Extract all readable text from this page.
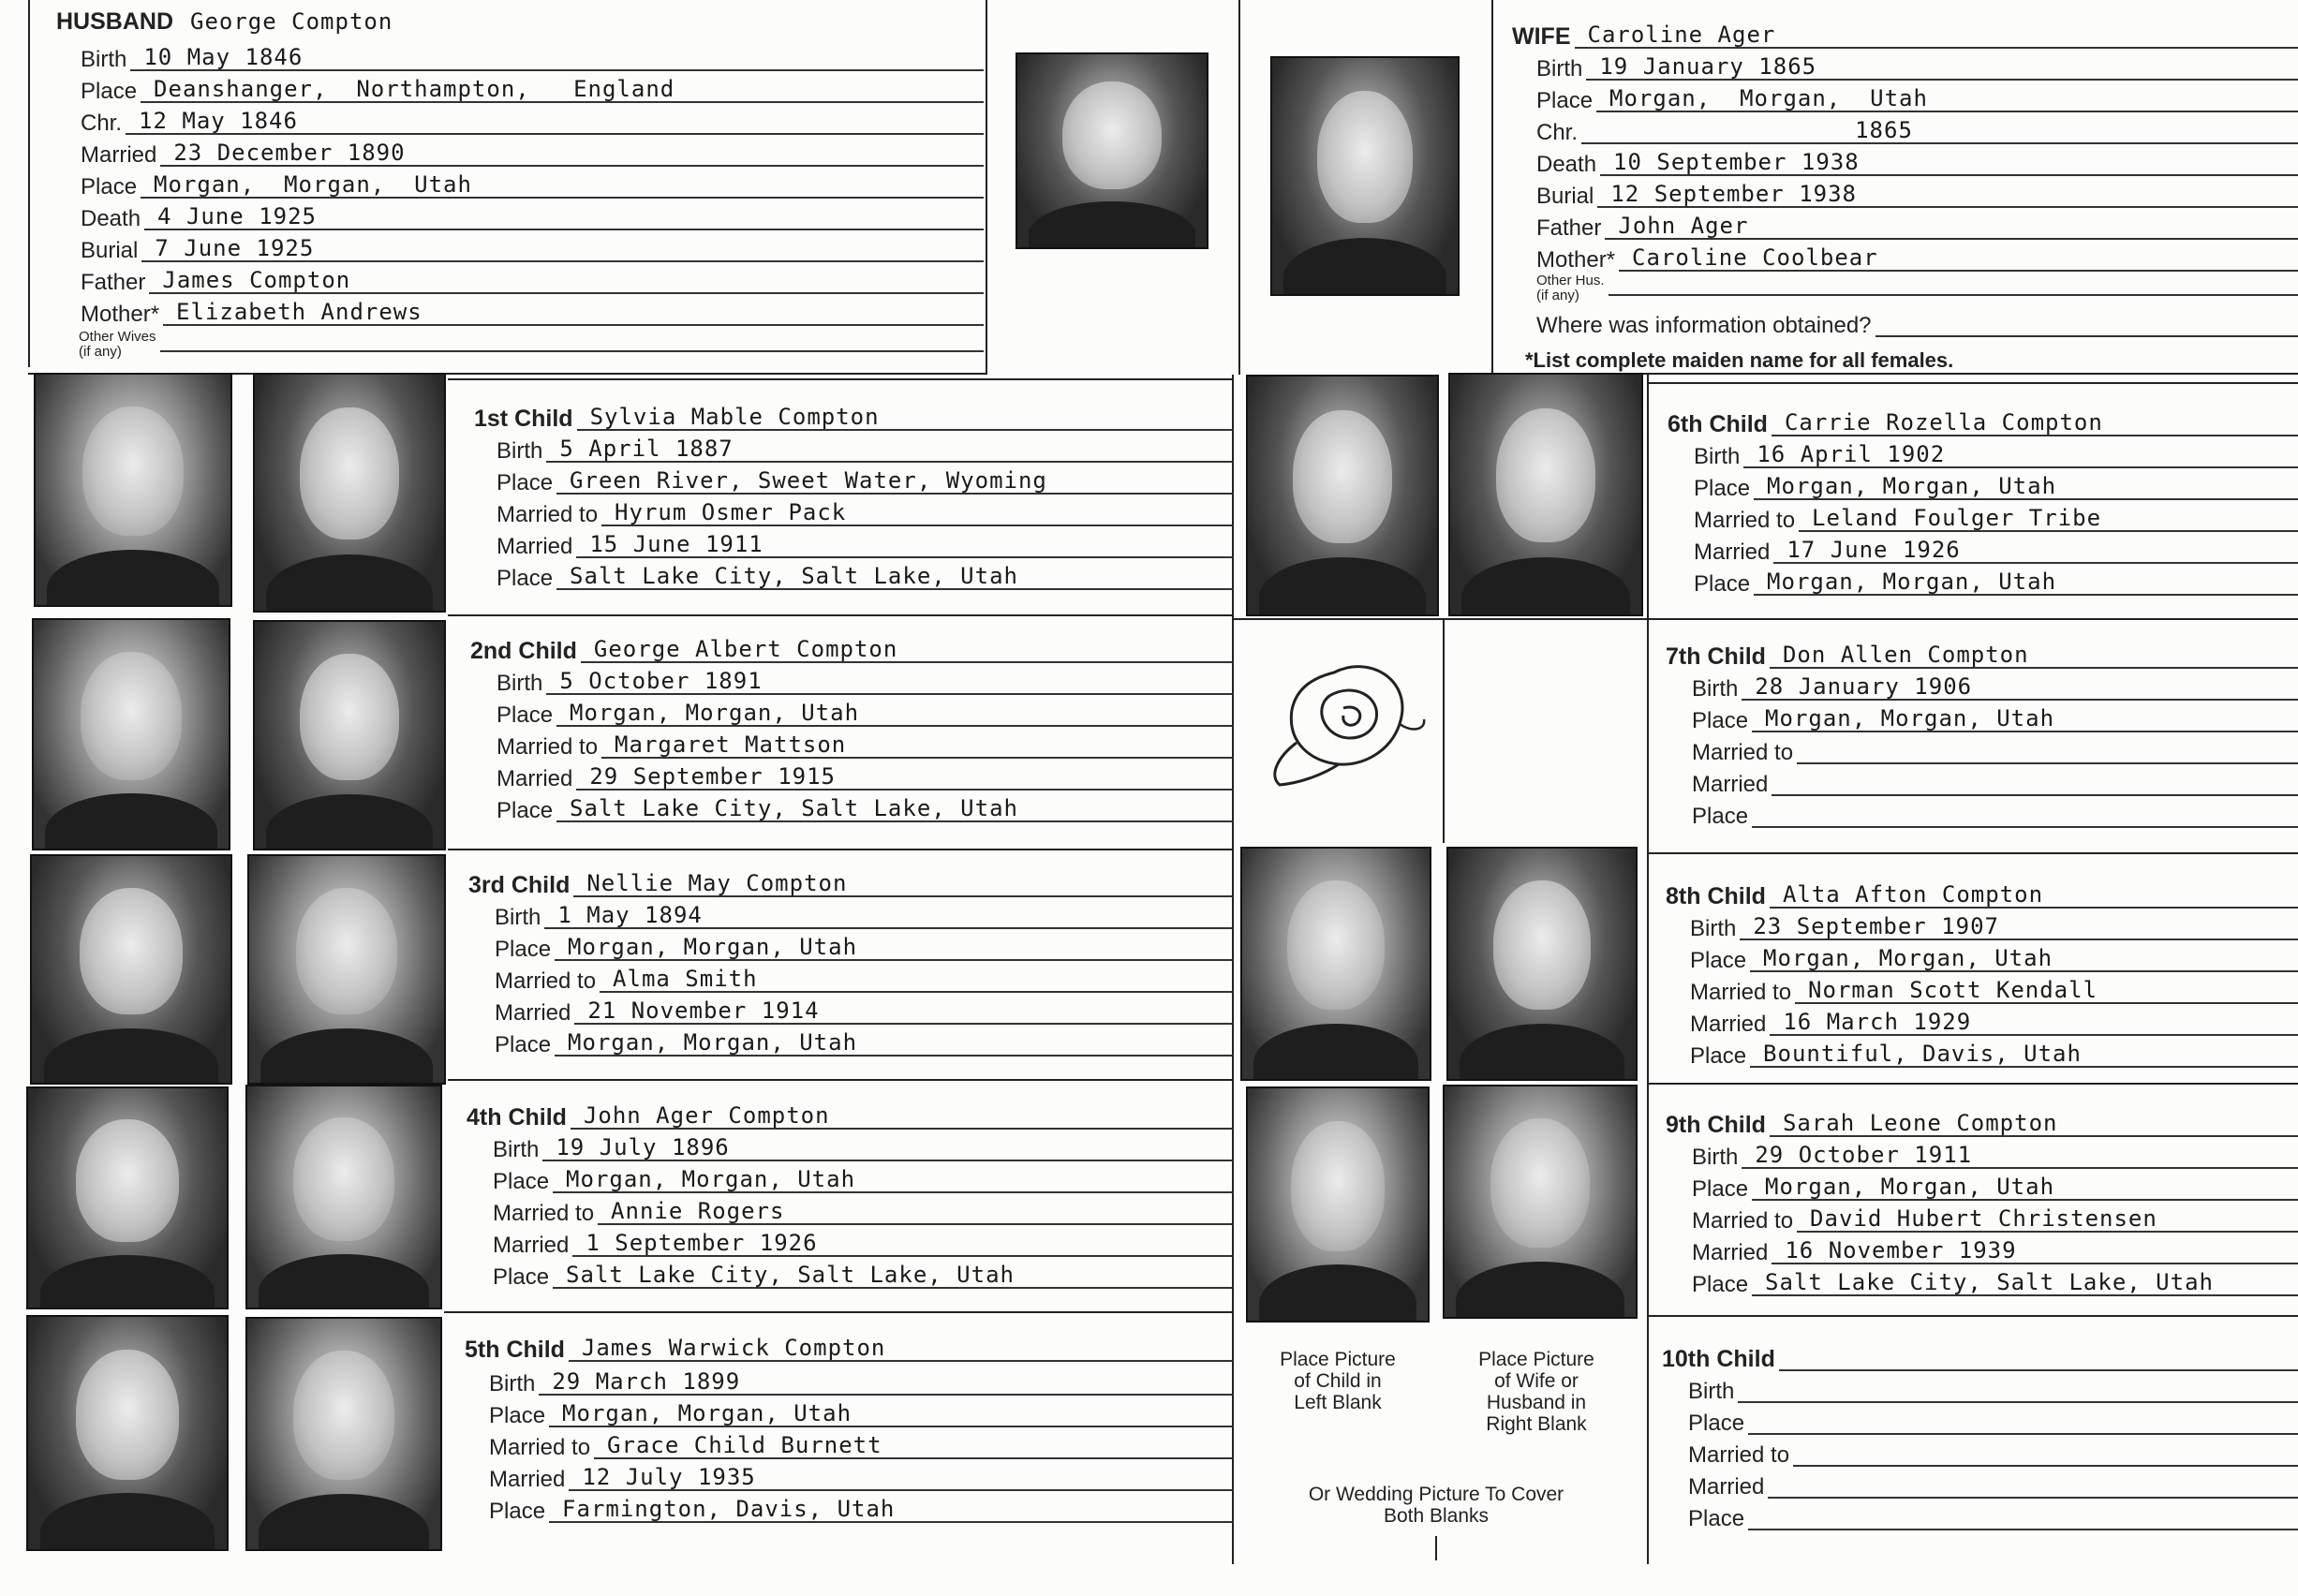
HUSBAND George Compton
Birth 10 May 1846
Place Deanshanger,  Northampton,   England
Chr. 12 May 1846
Married 23 December 1890
Place Morgan,  Morgan,  Utah
Death 4 June 1925
Burial 7 June 1925
Father James Compton
Mother* Elizabeth Andrews
Other Wives
(if any)
WIFE Caroline Ager
Birth 19 January 1865
Place Morgan,  Morgan,  Utah
Chr. 1865
Death 10 September 1938
Burial 12 September 1938
Father John Ager
Mother* Caroline Coolbear
Other Hus.
(if any)
Where was information obtained?
*List complete maiden name for all females.
Place Picture
of Child in
Left Blank
Place Picture
of Wife or
Husband in
Right Blank
Or Wedding Picture To Cover
Both Blanks
1st Child Sylvia Mable Compton
Birth 5 April 1887
Place Green River, Sweet Water, Wyoming
Married to Hyrum Osmer Pack
Married 15 June 1911
Place Salt Lake City, Salt Lake, Utah
2nd Child George Albert Compton
Birth 5 October 1891
Place Morgan, Morgan, Utah
Married to Margaret Mattson
Married 29 September 1915
Place Salt Lake City, Salt Lake, Utah
3rd Child Nellie May Compton
Birth 1 May 1894
Place Morgan, Morgan, Utah
Married to Alma Smith
Married 21 November 1914
Place Morgan, Morgan, Utah
4th Child John Ager Compton
Birth 19 July 1896
Place Morgan, Morgan, Utah
Married to Annie Rogers
Married 1 September 1926
Place Salt Lake City, Salt Lake, Utah
5th Child James Warwick Compton
Birth 29 March 1899
Place Morgan, Morgan, Utah
Married to Grace Child Burnett
Married 12 July 1935
Place Farmington, Davis, Utah
6th Child Carrie Rozella Compton
Birth 16 April 1902
Place Morgan, Morgan, Utah
Married to Leland Foulger Tribe
Married 17 June 1926
Place Morgan, Morgan, Utah
7th Child Don Allen Compton
Birth 28 January 1906
Place Morgan, Morgan, Utah
Married to
Married
Place
8th Child Alta Afton Compton
Birth 23 September 1907
Place Morgan, Morgan, Utah
Married to Norman Scott Kendall
Married 16 March 1929
Place Bountiful, Davis, Utah
9th Child Sarah Leone Compton
Birth 29 October 1911
Place Morgan, Morgan, Utah
Married to David Hubert Christensen
Married 16 November 1939
Place Salt Lake City, Salt Lake, Utah
10th Child
Birth
Place
Married to
Married
Place
